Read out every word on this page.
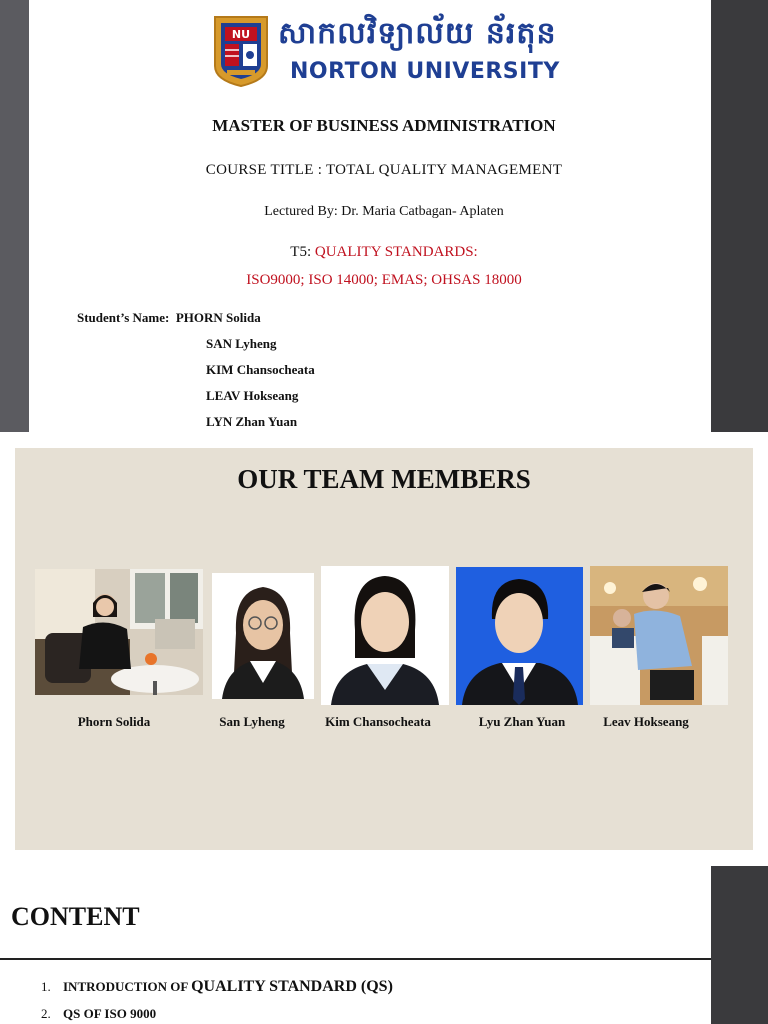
NU សាកលវិទ្យាល័យ ន័រតុន
NORTON UNIVERSITY
MASTER OF BUSINESS ADMINISTRATION
COURSE TITLE : TOTAL QUALITY MANAGEMENT
Lectured By: Dr. Maria Catbagan- Aplaten
T5: QUALITY STANDARDS:
ISO9000; ISO 14000; EMAS; OHSAS 18000
Student’s Name: PHORN Solida
SAN Lyheng
KIM Chansocheata
LEAV Hokseang
LYN Zhan Yuan
OUR TEAM MEMBERS
Phorn Solida	San Lyheng	Kim Chansocheata	Lyu Zhan Yuan	Leav Hokseang
CONTENT
1. INTRODUCTION OF QUALITY STANDARD (QS)
2. QS OF ISO 9000
